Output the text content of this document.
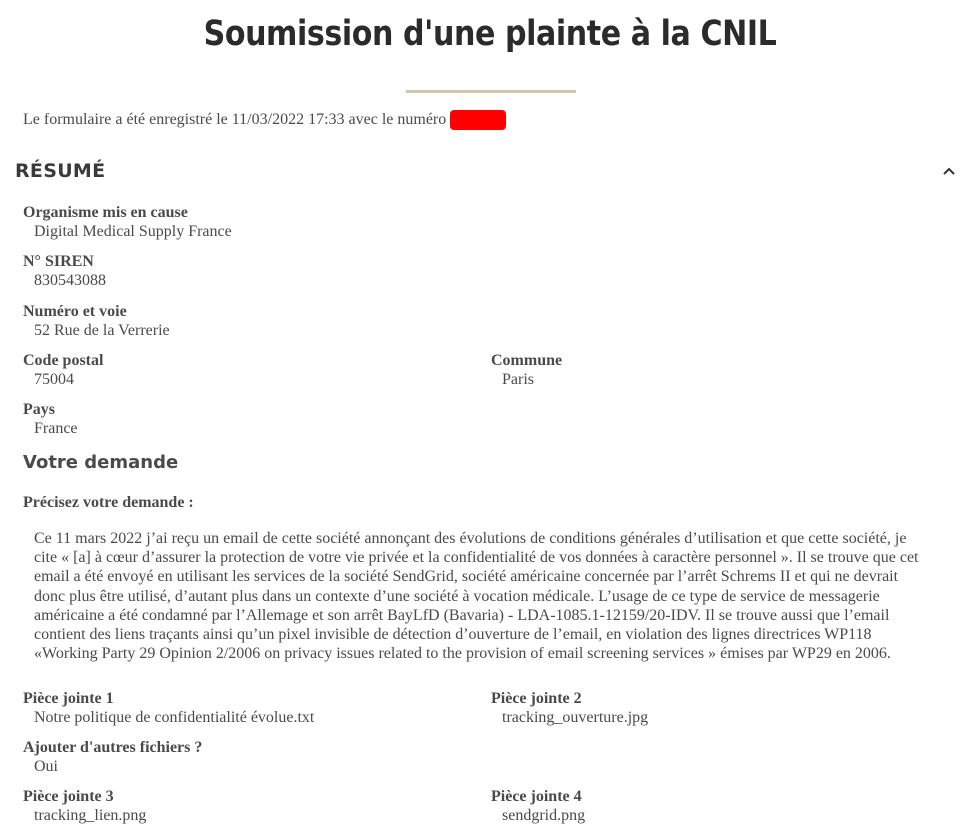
Soumission d'une plainte à la CNIL
Le formulaire a été enregistré le 11/03/2022 17:33 avec le numéro
RÉSUMÉ
Organisme mis en cause
Digital Medical Supply France
N° SIREN
830543088
Numéro et voie
52 Rue de la Verrerie
Code postal
75004
Commune
Paris
Pays
France
Votre demande
Précisez votre demande :

Ce 11 mars 2022 j’ai reçu un email de cette société annonçant des évolutions de conditions générales d’utilisation et que cette société, je cite « [a] à cœur d’assurer la protection de votre vie privée et la confidentialité de vos données à caractère personnel ». Il se trouve que cet email a été envoyé en utilisant les services de la société SendGrid, société américaine concernée par l’arrêt Schrems II et qui ne devrait donc plus être utilisé, d’autant plus dans un contexte d’une société à vocation médicale. L’usage de ce type de service de messagerie américaine a été condamné par l’Allemage et son arrêt BayLfD (Bavaria) - LDA-1085.1-12159/20-IDV. Il se trouve aussi que l’email contient des liens traçants ainsi qu’un pixel invisible de détection d’ouverture de l’email, en violation des lignes directrices WP118 «Working Party 29 Opinion 2/2006 on privacy issues related to the provision of email screening services » émises par WP29 en 2006.

Pièce jointe 1
Notre politique de confidentialité évolue.txt
Pièce jointe 2
tracking_ouverture.jpg
Ajouter d'autres fichiers ?
Oui
Pièce jointe 3
tracking_lien.png
Pièce jointe 4
sendgrid.png
